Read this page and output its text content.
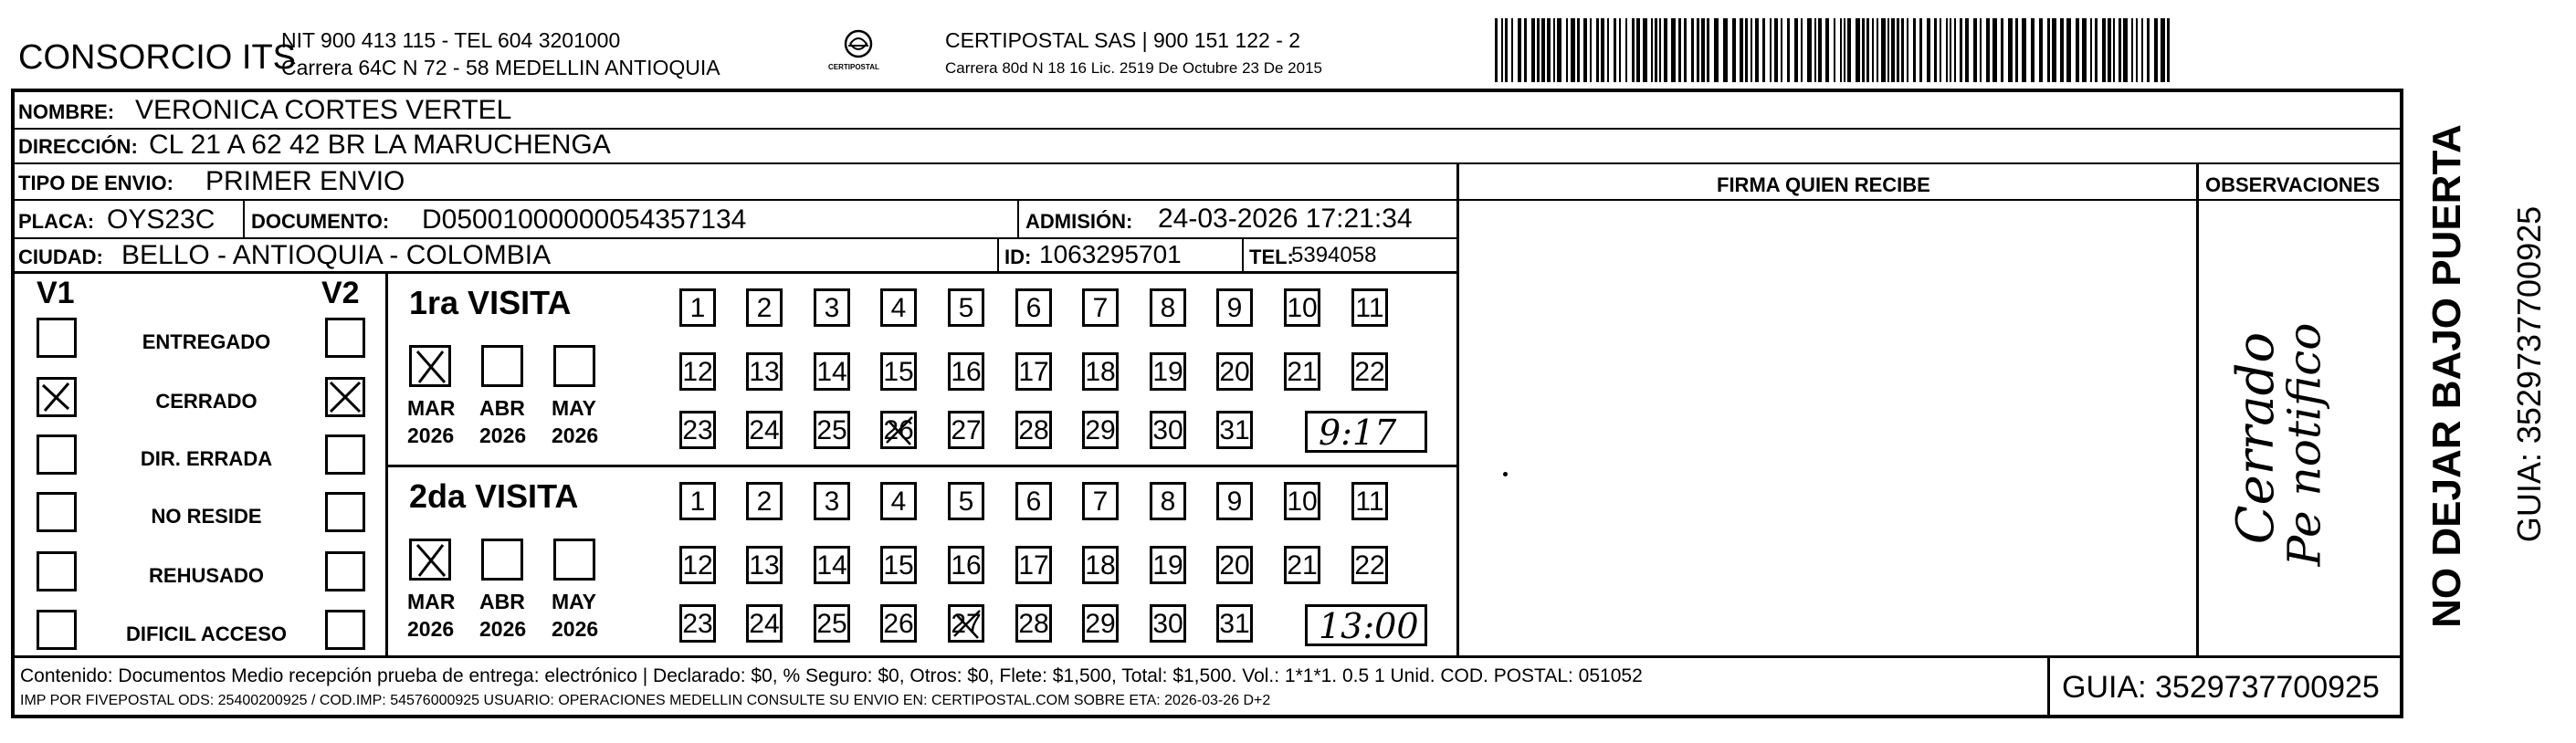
CONSORCIO ITS
NIT 900 413 115 - TEL 604 3201000
Carrera 64C N 72 - 58 MEDELLIN ANTIOQUIA	CERTIPOSTAL
CERTIPOSTAL SAS | 900 151 122 - 2
Carrera 80d N 18 16 Lic. 2519 De Octubre 23 De 2015
NOMBRE: VERONICA CORTES VERTEL
DIRECCIÓN: CL 21 A 62 42 BR LA MARUCHENGA
TIPO DE ENVIO: PRIMER ENVIO	FIRMA QUIEN RECIBE	OBSERVACIONES
PLACA: OYS23C DOCUMENTO: D05001000000054357134	ADMISIÓN: 24-03-2026 17:21:34
CIUDAD: BELLO - ANTIOQUIA - COLOMBIA	ID: 1063295701	TEL:
5394058
V1	V2
ENTREGADO
CERRADO
DIR. ERRADA
NO RESIDE
REHUSADO
DIFICIL ACCESO
1ra VISITA
MAR
2026
ABR
2026
MAY
2026
1	2	3	4	5	6	7	8	9	10 11
12 13 14 15 16 17 18 19 20 21 22
23 24 25 26 27 28 29 30 31 9:17
2da VISITA
MAR
2026
ABR
2026
MAY
2026
1	2	3	4	5	6	7	8	9	10 11
12 13 14 15 16 17 18 19 20 21 22
23 24 25 26 27 28 29 30 31 13:00
Cerrado
Pe notifico NO DEJAR BAJO PUERTA GUIA: 3529737700925
Contenido: Documentos Medio recepción prueba de entrega: electrónico | Declarado: $0, % Seguro: $0, Otros: $0, Flete: $1,500, Total: $1,500. Vol.: 1*1*1. 0.5 1 Unid. COD. POSTAL: 051052
IMP POR FIVEPOSTAL ODS: 25400200925 / COD.IMP: 54576000925 USUARIO: OPERACIONES MEDELLIN CONSULTE SU ENVIO EN: CERTIPOSTAL.COM SOBRE ETA: 2026-03-26 D+2	GUIA: 3529737700925
